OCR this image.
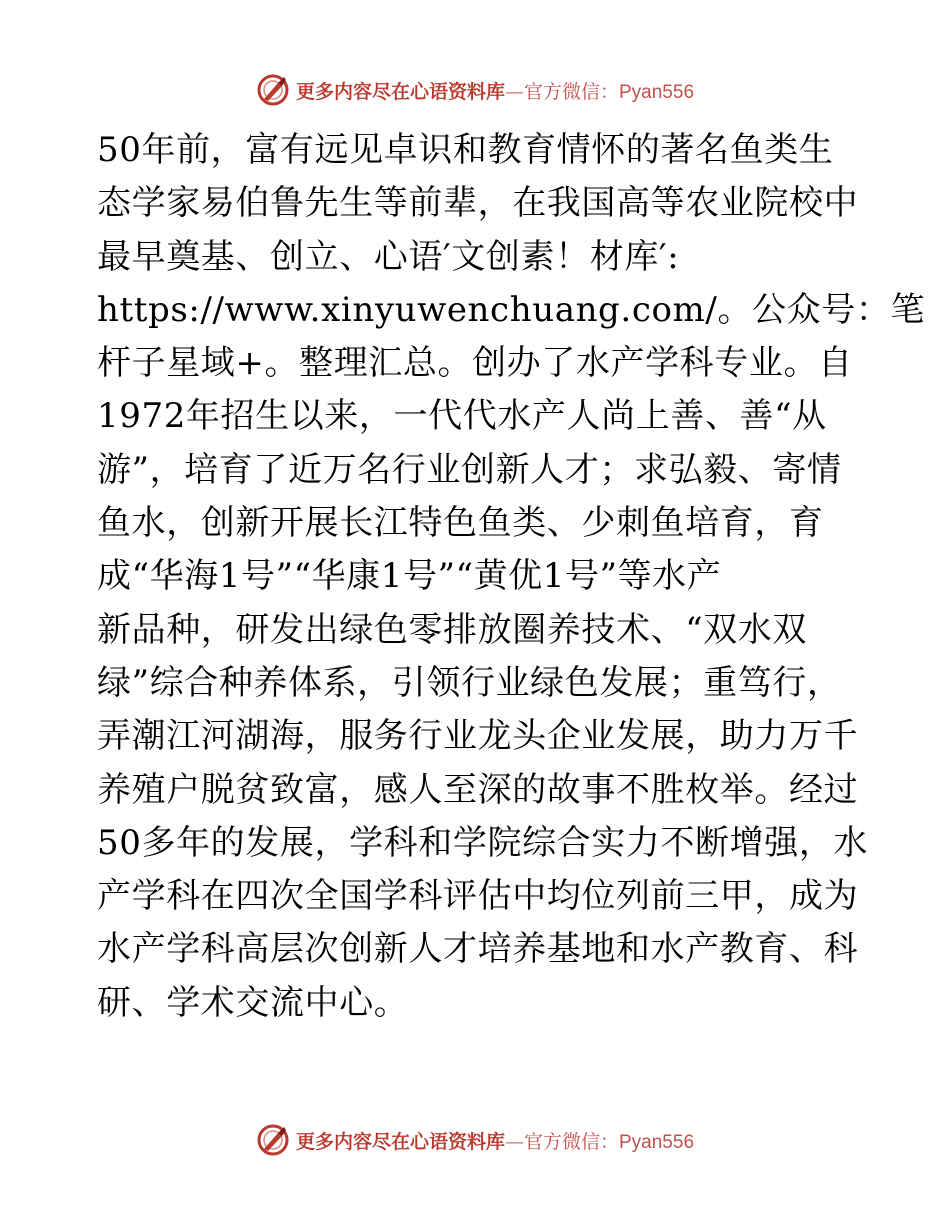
更多内容尽在心语资料库—官方微信：Pyan556
50年前，富有远见卓识和教育情怀的著名鱼类生
态学家易伯鲁先生等前辈，在我国高等农业院校中
最早奠基、创立、心语′文创素！材库′:
https://www.xinyuwenchuang.com/。公众号：笔
杆子星域+。整理汇总。创办了水产学科专业。自
1972年招生以来，一代代水产人尚上善、善“从
游”，培育了近万名行业创新人才；求弘毅、寄情
鱼水，创新开展长江特色鱼类、少刺鱼培育，育
成“华海1号”“华康1号”“黄优1号”等水产
新品种，研发出绿色零排放圈养技术、“双水双
绿”综合种养体系，引领行业绿色发展；重笃行，
弄潮江河湖海，服务行业龙头企业发展，助力万千
养殖户脱贫致富，感人至深的故事不胜枚举。经过
50多年的发展，学科和学院综合实力不断增强，水
产学科在四次全国学科评估中均位列前三甲，成为
水产学科高层次创新人才培养基地和水产教育、科
研、学术交流中心。
更多内容尽在心语资料库—官方微信：Pyan556
